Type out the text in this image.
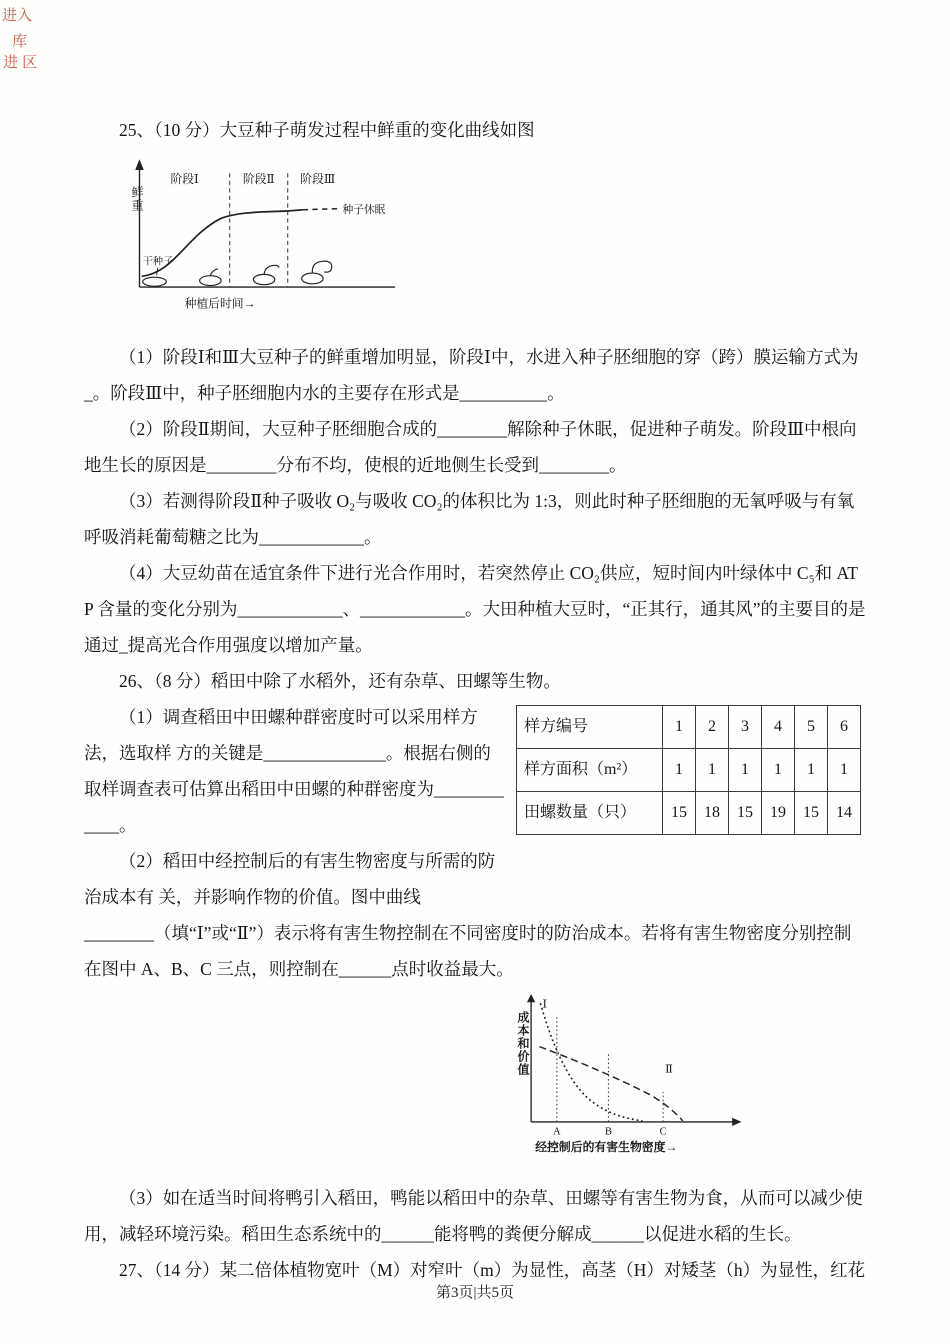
进入
库
进 区

25、（10 分）大豆种子萌发过程中鲜重的变化曲线如图

鲜重
阶段Ⅰ	阶段Ⅱ 阶段Ⅲ
种子休眠
干种子
种植后时间→

（1）阶段Ⅰ和Ⅲ大豆种子的鲜重增加明显，阶段Ⅰ中，水进入种子胚细胞的穿（跨）膜运输方式为_。阶段Ⅲ中，种子胚细胞内水的主要存在形式是__________。

（2）阶段Ⅱ期间，大豆种子胚细胞合成的________解除种子休眠，促进种子萌发。阶段Ⅲ中根向地生长的原因是________分布不均，使根的近地侧生长受到________。

（3）若测得阶段Ⅱ种子吸收 O₂与吸收 CO₂的体积比为 1:3，则此时种子胚细胞的无氧呼吸与有氧呼吸消耗葡萄糖之比为____________。

（4）大豆幼苗在适宜条件下进行光合作用时，若突然停止 CO₂供应，短时间内叶绿体中 C₅和 ATP 含量的变化分别为____________、____________。大田种植大豆时，“正其行，通其风”的主要目的是通过_提高光合作用强度以增加产量。

26、（8 分）稻田中除了水稻外，还有杂草、田螺等生物。

（1）调查稻田中田螺种群密度时可以采用样方法，选取样 方的关键是______________。根据右侧的取样调查表可估算出稻田中田螺的种群密度为____________。

（2）稻田中经控制后的有害生物密度与所需的防治成本有 关，并影响作物的价值。图中曲线

样方编号	1	2	3	4	5	6
样方面积（m²）	1	1	1	1	1	1
田螺数量（只）	15	18	15	19	15	14

________（填“Ⅰ”或“Ⅱ”）表示将有害生物控制在不同密度时的防治成本。若将有害生物密度分别控制在图中 A、B、C 三点，则控制在______点时收益最大。

成本和价值
Ⅰ
Ⅱ
A	B	C
经控制后的有害生物密度→

（3）如在适当时间将鸭引入稻田，鸭能以稻田中的杂草、田螺等有害生物为食，从而可以减少使用，减轻环境污染。稻田生态系统中的______能将鸭的粪便分解成______以促进水稻的生长。

27、（14 分）某二倍体植物宽叶（M）对窄叶（m）为显性，高茎（H）对矮茎（h）为显性，红花

第3页|共5页
